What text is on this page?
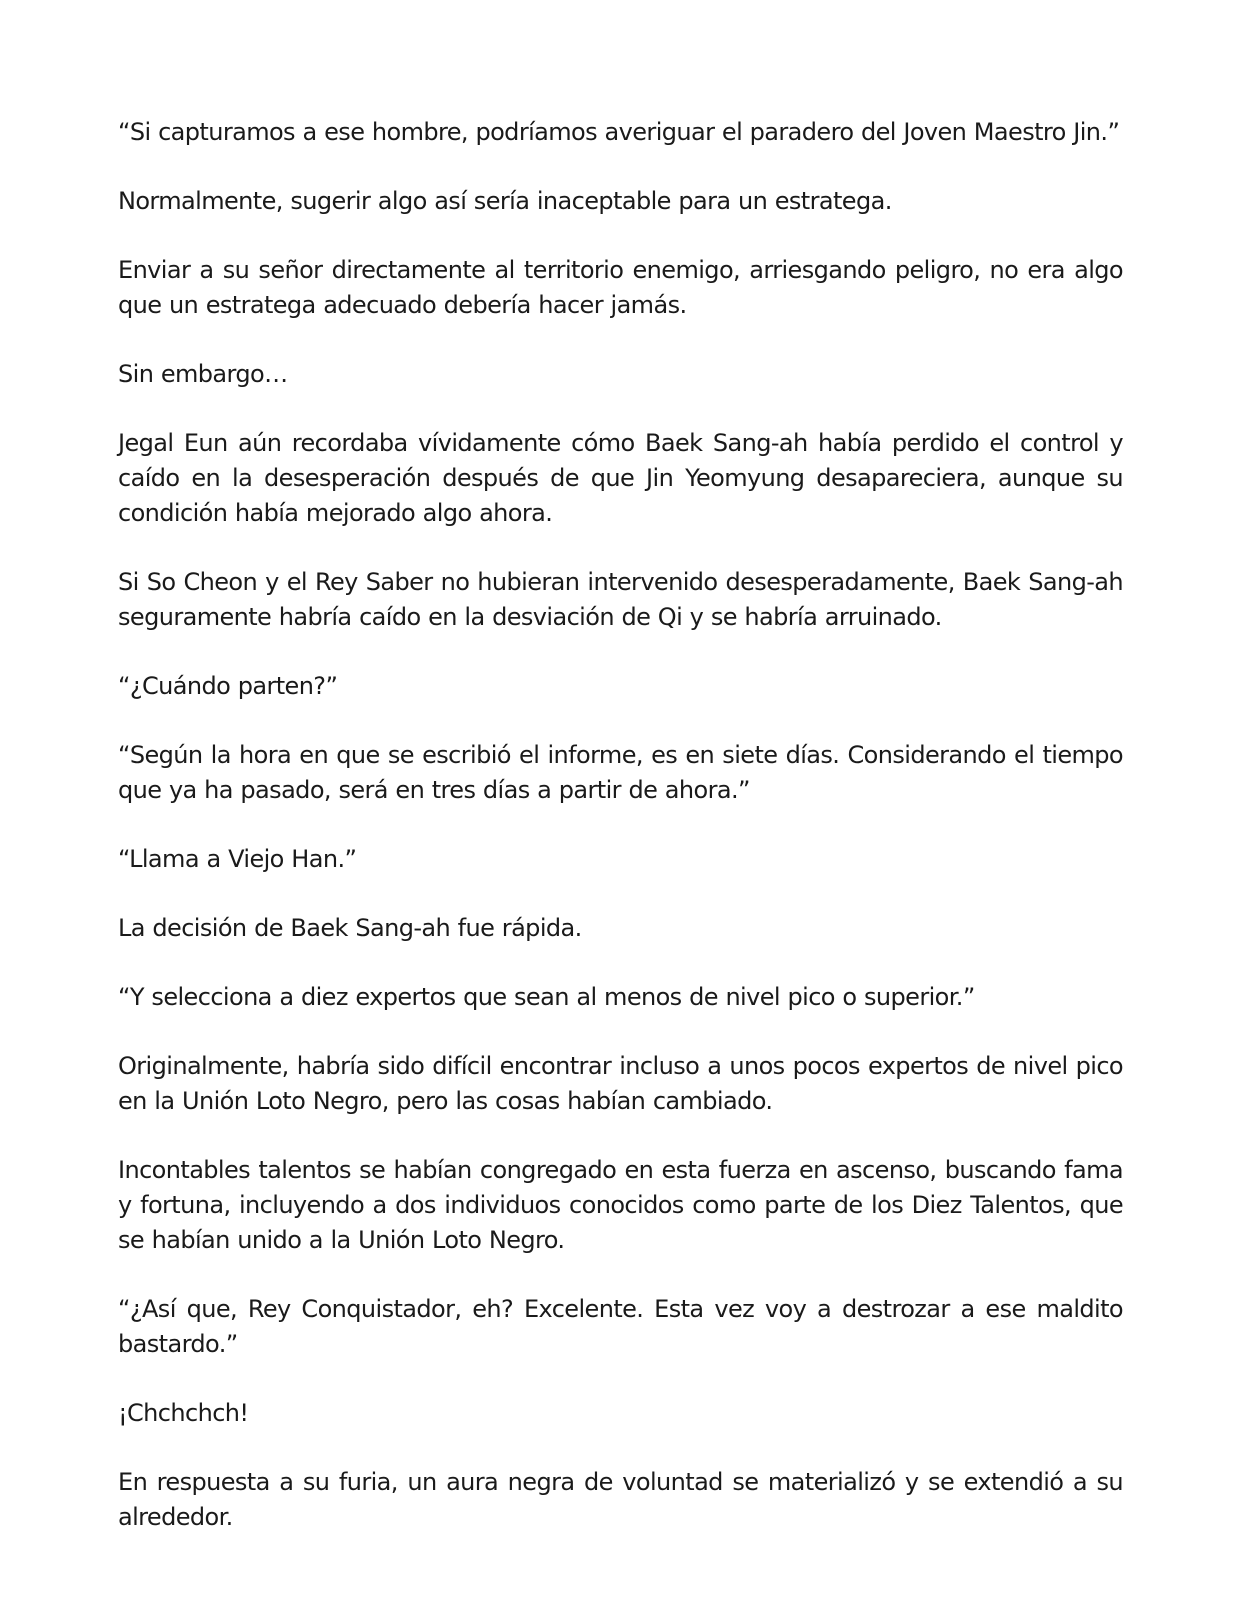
“Si capturamos a ese hombre, podríamos averiguar el paradero del Joven Maestro Jin.”

Normalmente, sugerir algo así sería inaceptable para un estratega.

Enviar a su señor directamente al territorio enemigo, arriesgando peligro, no era algo que un estratega adecuado debería hacer jamás.

Sin embargo…

Jegal Eun aún recordaba vívidamente cómo Baek Sang-ah había perdido el control y caído en la desesperación después de que Jin Yeomyung desapareciera, aunque su condición había mejorado algo ahora.

Si So Cheon y el Rey Saber no hubieran intervenido desesperadamente, Baek Sang-ah seguramente habría caído en la desviación de Qi y se habría arruinado.

“¿Cuándo parten?”

“Según la hora en que se escribió el informe, es en siete días. Considerando el tiempo que ya ha pasado, será en tres días a partir de ahora.”

“Llama a Viejo Han.”

La decisión de Baek Sang-ah fue rápida.

“Y selecciona a diez expertos que sean al menos de nivel pico o superior.”

Originalmente, habría sido difícil encontrar incluso a unos pocos expertos de nivel pico en la Unión Loto Negro, pero las cosas habían cambiado.

Incontables talentos se habían congregado en esta fuerza en ascenso, buscando fama y fortuna, incluyendo a dos individuos conocidos como parte de los Diez Talentos, que se habían unido a la Unión Loto Negro.

“¿Así que, Rey Conquistador, eh? Excelente. Esta vez voy a destrozar a ese maldito bastardo.”

¡Chchchch!

En respuesta a su furia, un aura negra de voluntad se materializó y se extendió a su alrededor.
